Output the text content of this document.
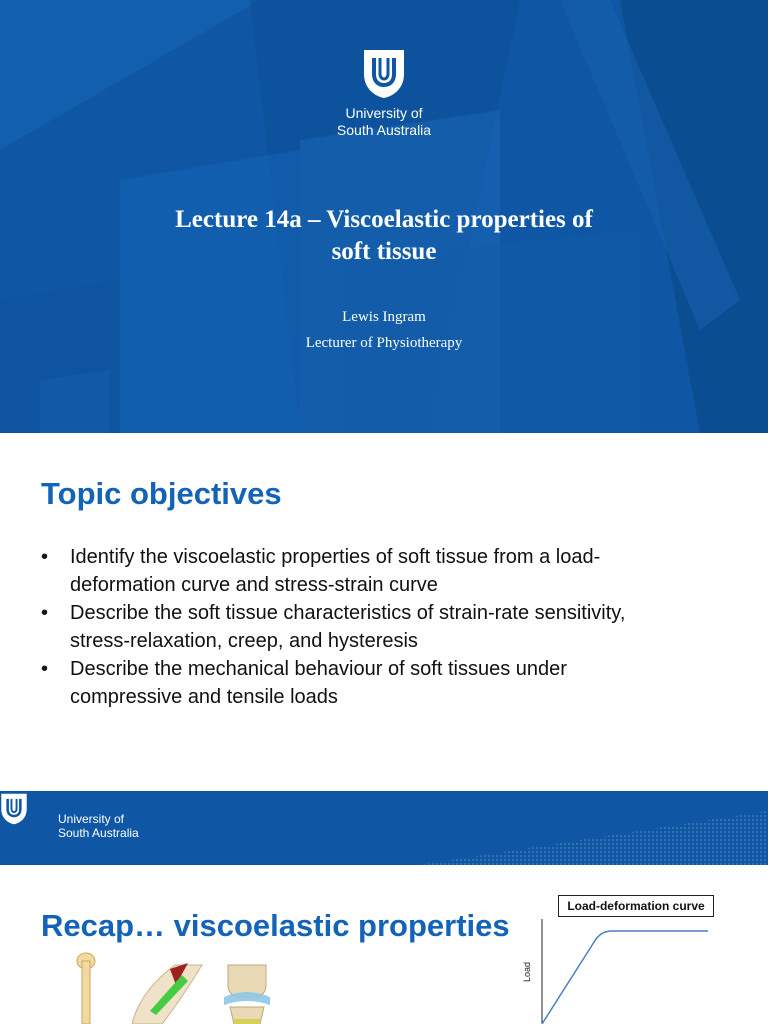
University of
South Australia
Lecture 14a – Viscoelastic properties of
soft tissue
Lewis Ingram
Lecturer of Physiotherapy
Topic objectives
• Identify the viscoelastic properties of soft tissue from a load-
deformation curve and stress-strain curve
• Describe the soft tissue characteristics of strain-rate sensitivity,
stress-relaxation, creep, and hysteresis
• Describe the mechanical behaviour of soft tissues under
compressive and tensile loads
University of
South Australia
Recap… viscoelastic properties
Load-deformation curve
Load
